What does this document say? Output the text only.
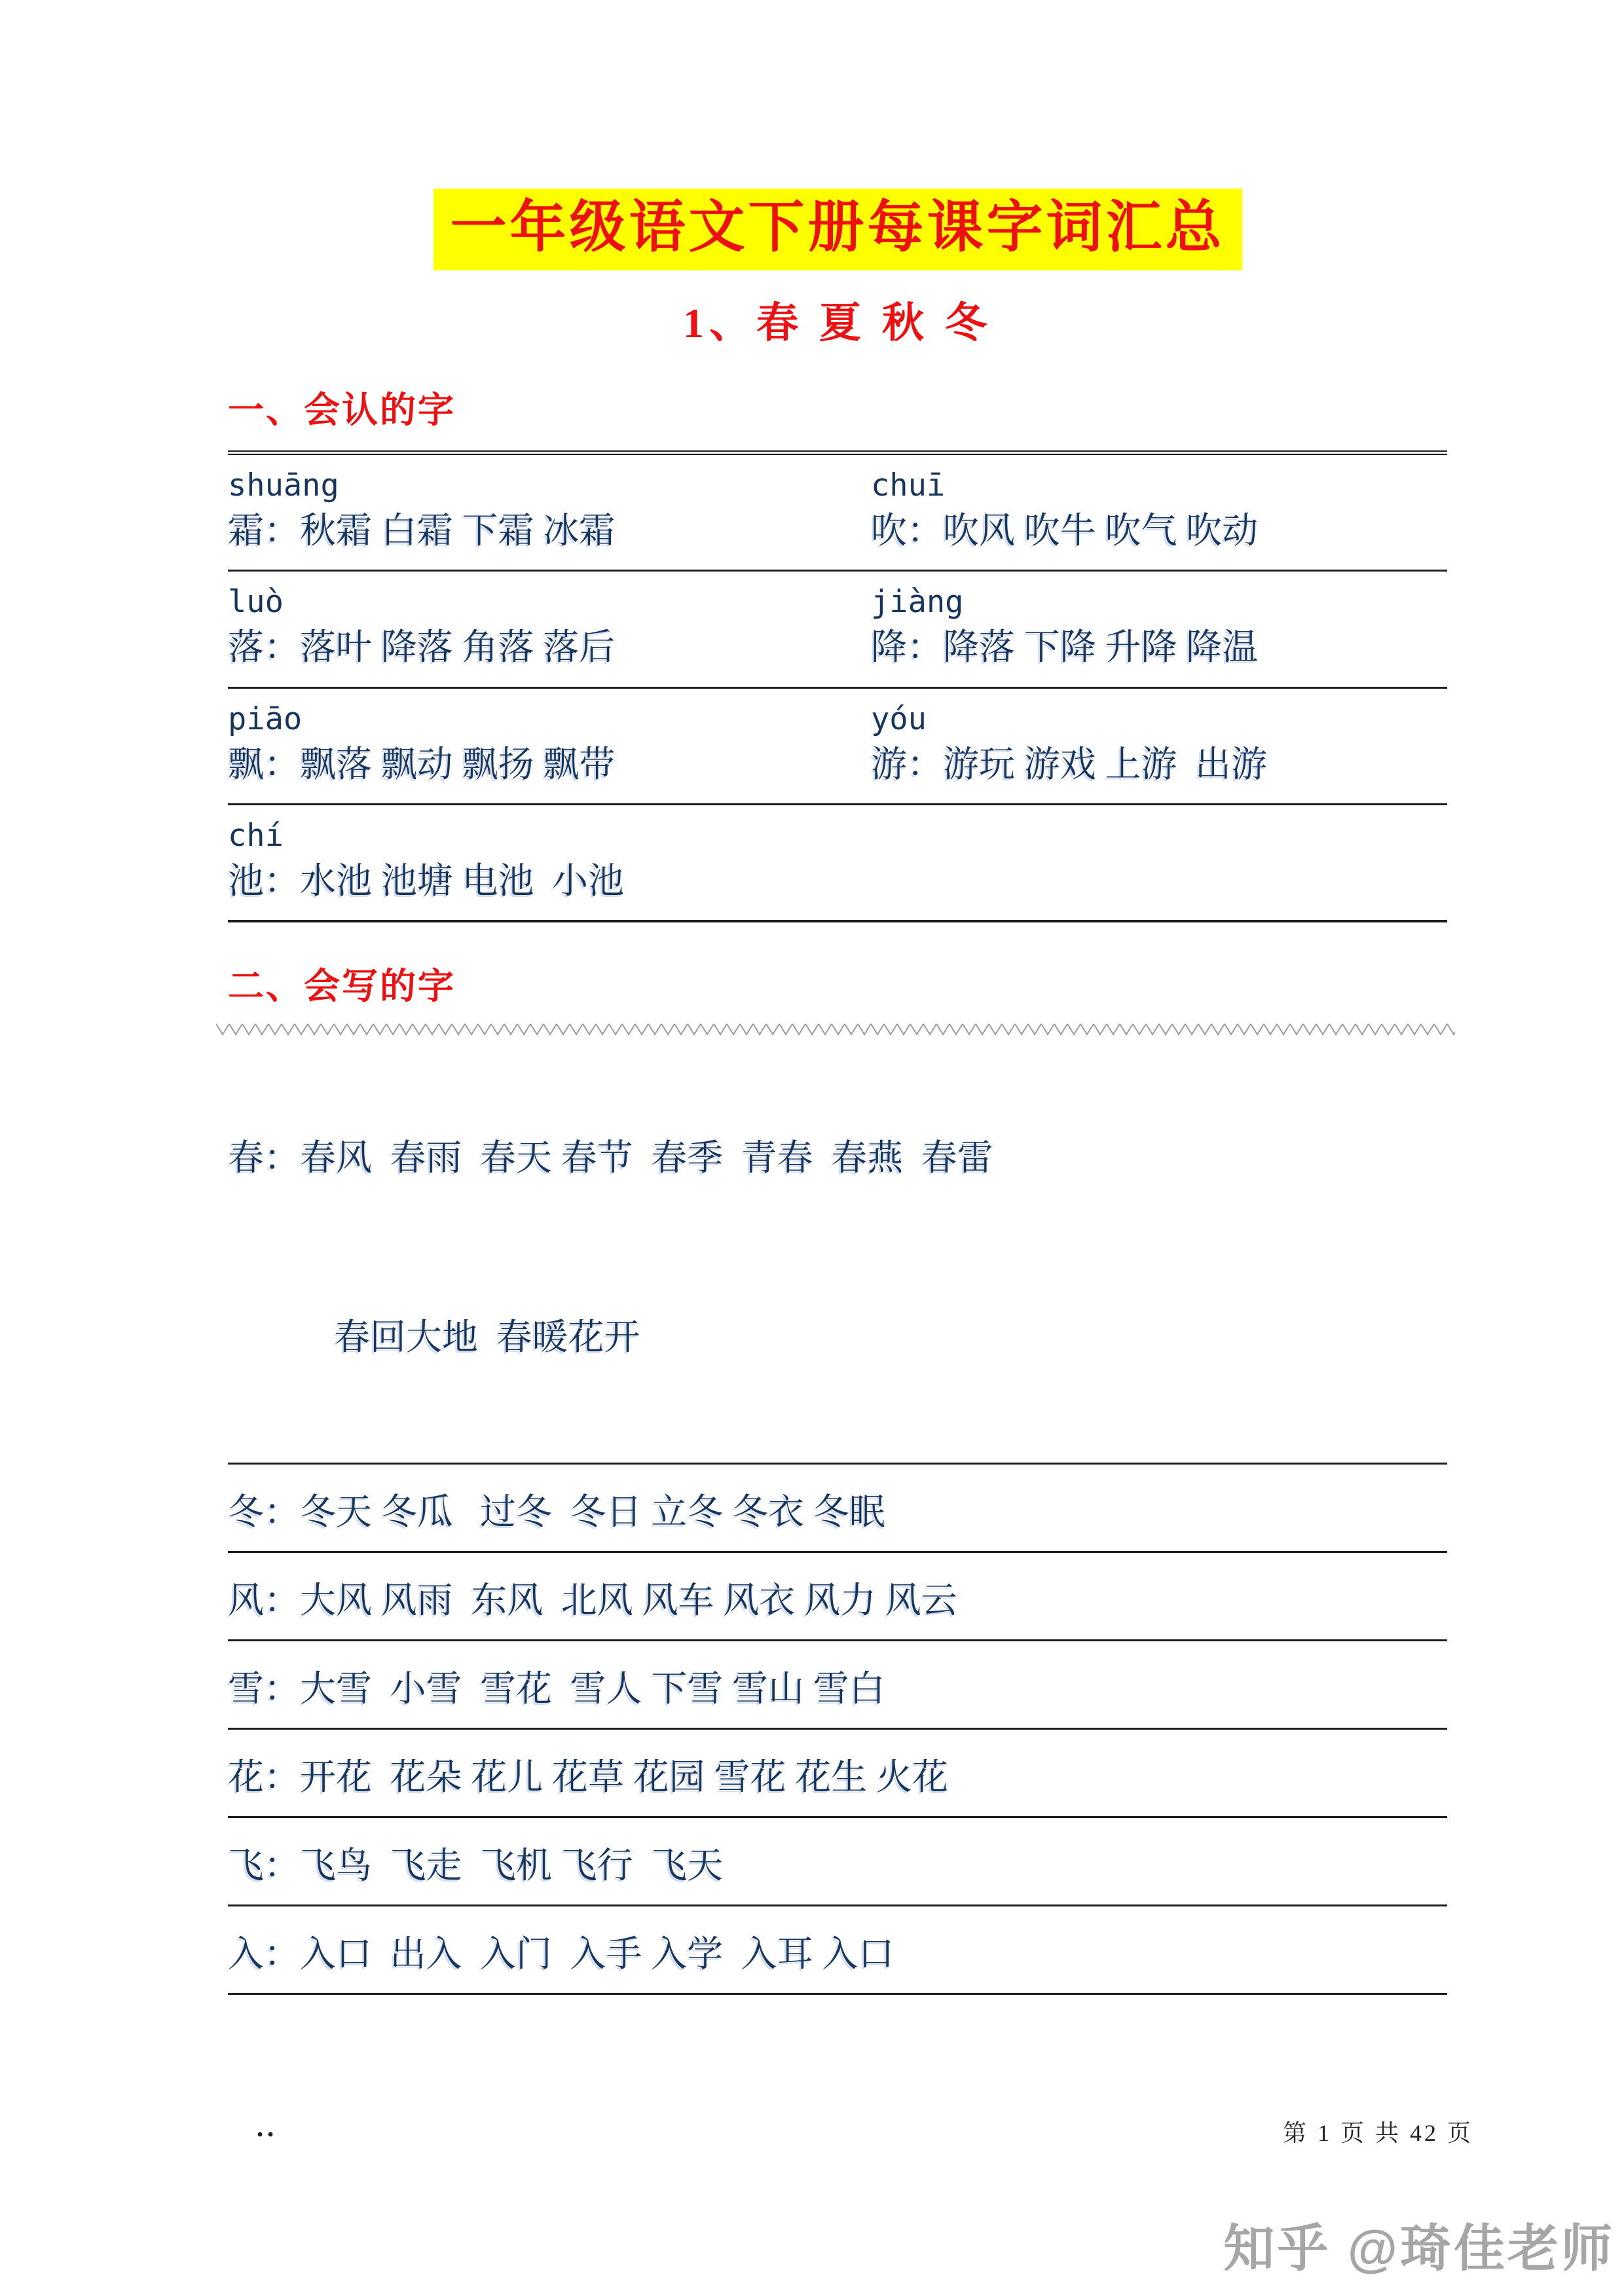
一年级语文下册每课字词汇总
1、春 夏 秋 冬
一、会认的字
shuāng	chuī
霜：秋霜 白霜 下霜 冰霜	吹：吹风 吹牛 吹气 吹动
luò	jiàng
落：落叶 降落 角落 落后	降：降落 下降 升降 降温
piāo	yóu
飘：飘落 飘动 飘扬 飘带	游：游玩 游戏 上游  出游
chí
池：水池 池塘 电池  小池
二、会写的字

春：春风  春雨  春天 春节  春季  青春  春燕  春雷

春回大地  春暖花开

冬：冬天 冬瓜   过冬  冬日 立冬 冬衣 冬眠
风：大风 风雨  东风  北风 风车 风衣 风力 风云
雪：大雪  小雪  雪花  雪人 下雪 雪山 雪白
花：开花  花朵 花儿 花草 花园 雪花 花生 火花
飞：飞鸟  飞走  飞机 飞行  飞天
入：入口  出入  入门  入手 入学  入耳 入口
··	第 1 页 共 42 页
知乎 @琦佳老师
